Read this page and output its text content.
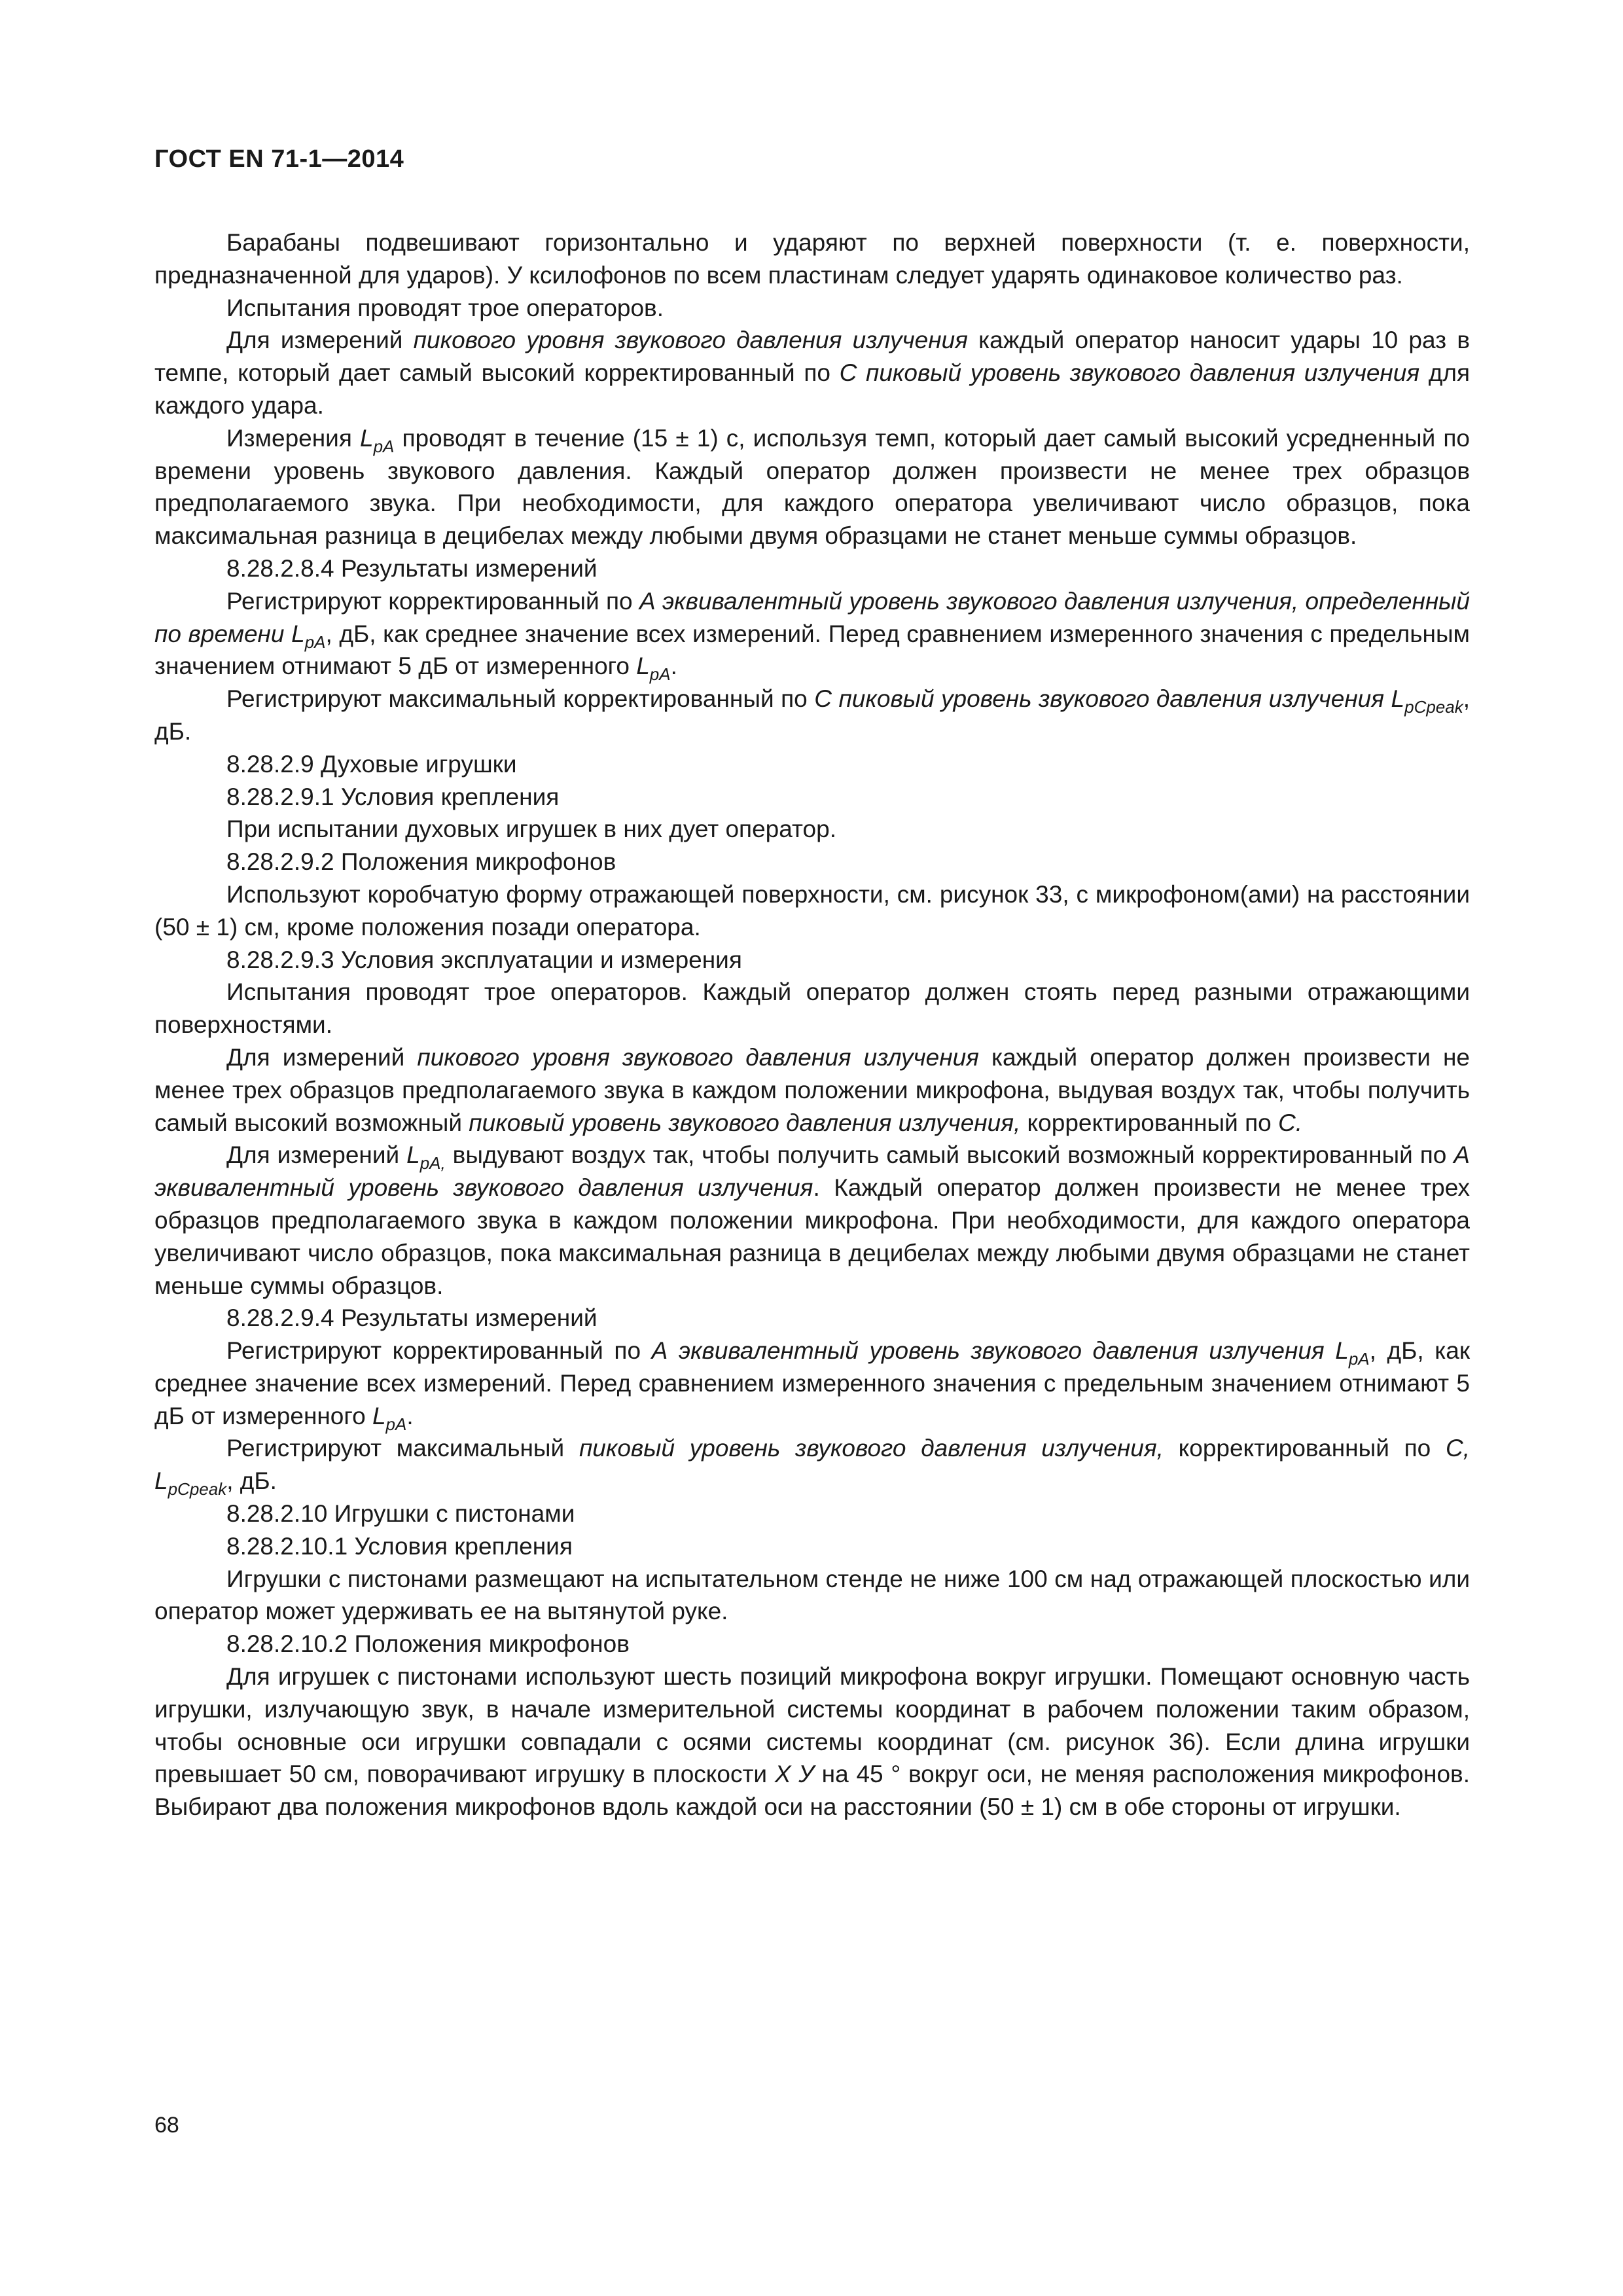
ГОСТ EN 71-1—2014

Барабаны подвешивают горизонтально и ударяют по верхней поверхности (т. е. поверхности, предназначенной для ударов). У ксилофонов по всем пластинам следует ударять одинаковое количество раз.

Испытания проводят трое операторов.

Для измерений пикового уровня звукового давления излучения каждый оператор наносит удары 10 раз в темпе, который дает самый высокий корректированный по С пиковый уровень звукового давления излучения для каждого удара.

Измерения $L_{pA}$ проводят в течение (15 ± 1) с, используя темп, который дает самый высокий усредненный по времени уровень звукового давления. Каждый оператор должен произвести не менее трех образцов предполагаемого звука. При необходимости, для каждого оператора увеличивают число образцов, пока максимальная разница в децибелах между любыми двумя образцами не станет меньше суммы образцов.

8.28.2.8.4 Результаты измерений

Регистрируют корректированный по А эквивалентный уровень звукового давления излучения, определенный по времени $L_{pA}$, дБ, как среднее значение всех измерений. Перед сравнением измеренного значения с предельным значением отнимают 5 дБ от измеренного $L_{pA}$.

Регистрируют максимальный корректированный по С пиковый уровень звукового давления излучения $L_{pCpeak}$, дБ.

8.28.2.9 Духовые игрушки

8.28.2.9.1 Условия крепления

При испытании духовых игрушек в них дует оператор.

8.28.2.9.2 Положения микрофонов

Используют коробчатую форму отражающей поверхности, см. рисунок 33, с микрофоном(ами) на расстоянии (50 ± 1) см, кроме положения позади оператора.

8.28.2.9.3 Условия эксплуатации и измерения

Испытания проводят трое операторов. Каждый оператор должен стоять перед разными отражающими поверхностями.

Для измерений пикового уровня звукового давления излучения каждый оператор должен произвести не менее трех образцов предполагаемого звука в каждом положении микрофона, выдувая воздух так, чтобы получить самый высокий возможный пиковый уровень звукового давления излучения, корректированный по С.

Для измерений $L_{pA,}$ выдувают воздух так, чтобы получить самый высокий возможный корректированный по А эквивалентный уровень звукового давления излучения. Каждый оператор должен произвести не менее трех образцов предполагаемого звука в каждом положении микрофона. При необходимости, для каждого оператора увеличивают число образцов, пока максимальная разница в децибелах между любыми двумя образцами не станет меньше суммы образцов.

8.28.2.9.4 Результаты измерений

Регистрируют корректированный по А эквивалентный уровень звукового давления излучения $L_{pA}$, дБ, как среднее значение всех измерений. Перед сравнением измеренного значения с предельным значением отнимают 5 дБ от измеренного $L_{pA}$.

Регистрируют максимальный пиковый уровень звукового давления излучения, корректированный по С, $L_{pCpeak}$, дБ.

8.28.2.10 Игрушки с пистонами

8.28.2.10.1 Условия крепления

Игрушки с пистонами размещают на испытательном стенде не ниже 100 см над отражающей плоскостью или оператор может удерживать ее на вытянутой руке.

8.28.2.10.2 Положения микрофонов

Для игрушек с пистонами используют шесть позиций микрофона вокруг игрушки. Помещают основную часть игрушки, излучающую звук, в начале измерительной системы координат в рабочем положении таким образом, чтобы основные оси игрушки совпадали с осями системы координат (см. рисунок 36). Если длина игрушки превышает 50 см, поворачивают игрушку в плоскости Х У на 45 ° вокруг оси, не меняя расположения микрофонов. Выбирают два положения микрофонов вдоль каждой оси на расстоянии (50 ± 1) см в обе стороны от игрушки.

68
